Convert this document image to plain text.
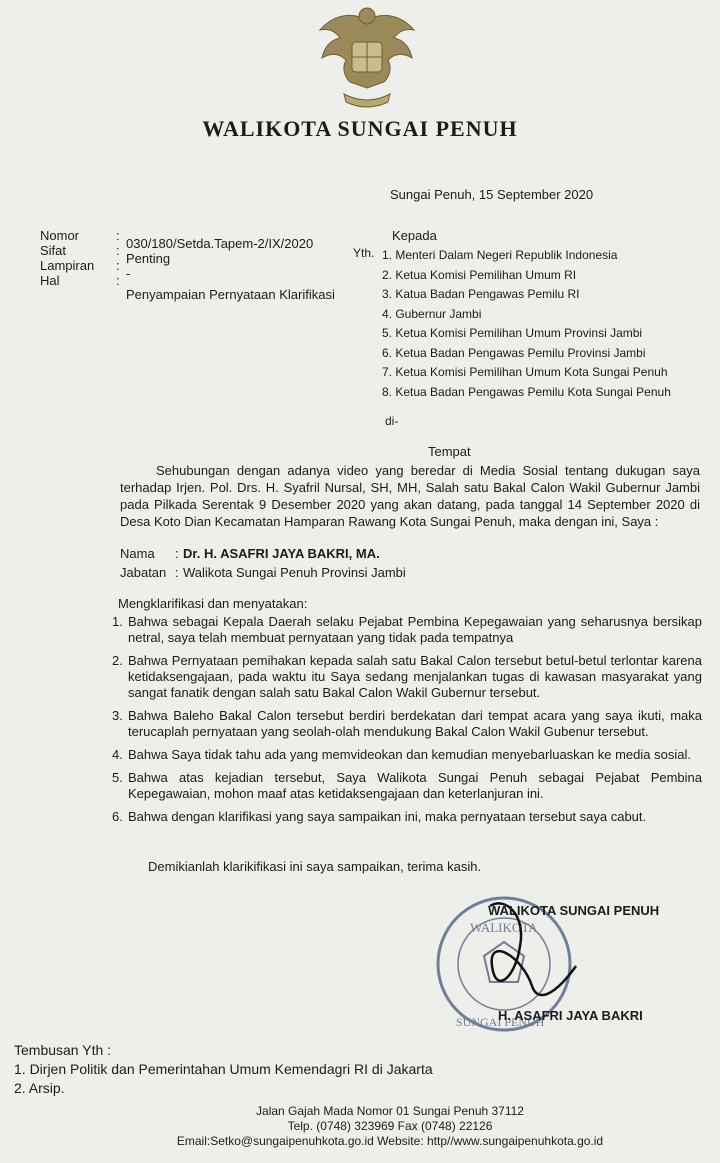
WALIKOTA SUNGAI PENUH
Sungai Penuh, 15 September 2020
Nomor
Sifat
Lampiran
Hal
:
:
:
:
030/180/Setda.Tapem-2/IX/2020
Penting
-
Penyampaian Pernyataan Klarifikasi
Kepada
Yth. 1. Menteri Dalam Negeri Republik Indonesia
2. Ketua Komisi Pemilihan Umum RI
3. Katua Badan Pengawas Pemilu RI
4. Gubernur Jambi
5. Ketua Komisi Pemilihan Umum Provinsi Jambi
6. Ketua Badan Pengawas Pemilu Provinsi Jambi
7. Ketua Komisi Pemilihan Umum Kota Sungai Penuh
8. Ketua Badan Pengawas Pemilu Kota Sungai Penuh
di-
Tempat
Sehubungan dengan adanya video yang beredar di Media Sosial tentang dukugan saya terhadap Irjen. Pol. Drs. H. Syafril Nursal, SH, MH, Salah satu Bakal Calon Wakil Gubernur Jambi pada Pilkada Serentak 9 Desember 2020 yang akan datang, pada tanggal 14 September 2020 di Desa Koto Dian Kecamatan Hamparan Rawang Kota Sungai Penuh, maka dengan ini, Saya :
Nama
Jabatan
:
:
Dr. H. ASAFRI JAYA BAKRI, MA.
Walikota Sungai Penuh Provinsi Jambi
Mengklarifikasi dan menyatakan:
1. Bahwa sebagai Kepala Daerah selaku Pejabat Pembina Kepegawaian yang seharusnya bersikap netral, saya telah membuat pernyataan yang tidak pada tempatnya
2. Bahwa Pernyataan pemihakan kepada salah satu Bakal Calon tersebut betul-betul terlontar karena ketidaksengajaan, pada waktu itu Saya sedang menjalankan tugas di kawasan masyarakat yang sangat fanatik dengan salah satu Bakal Calon Wakil Gubernur tersebut.
3. Bahwa Baleho Bakal Calon tersebut berdiri berdekatan dari tempat acara yang saya ikuti, maka terucaplah pernyataan yang seolah-olah mendukung Bakal Calon Wakil Gubenur tersebut.
4. Bahwa Saya tidak tahu ada yang memvideokan dan kemudian menyebarluaskan ke media sosial.
5. Bahwa atas kejadian tersebut, Saya Walikota Sungai Penuh sebagai Pejabat Pembina Kepegawaian, mohon maaf atas ketidaksengajaan dan keterlanjuran ini.
6. Bahwa dengan klarifikasi yang saya sampaikan ini, maka pernyataan tersebut saya cabut.
Demikianlah klarikifikasi ini saya sampaikan, terima kasih.
WALIKOTA
SUNGAI PENUH
WALIKOTA SUNGAI PENUH
H. ASAFRI JAYA BAKRI
Tembusan Yth :
1. Dirjen Politik dan Pemerintahan Umum Kemendagri RI di Jakarta
2. Arsip.
Jalan Gajah Mada Nomor 01 Sungai Penuh 37112
Telp. (0748) 323969 Fax (0748) 22126
Email:Setko@sungaipenuhkota.go.id Website: http//www.sungaipenuhkota.go.id
